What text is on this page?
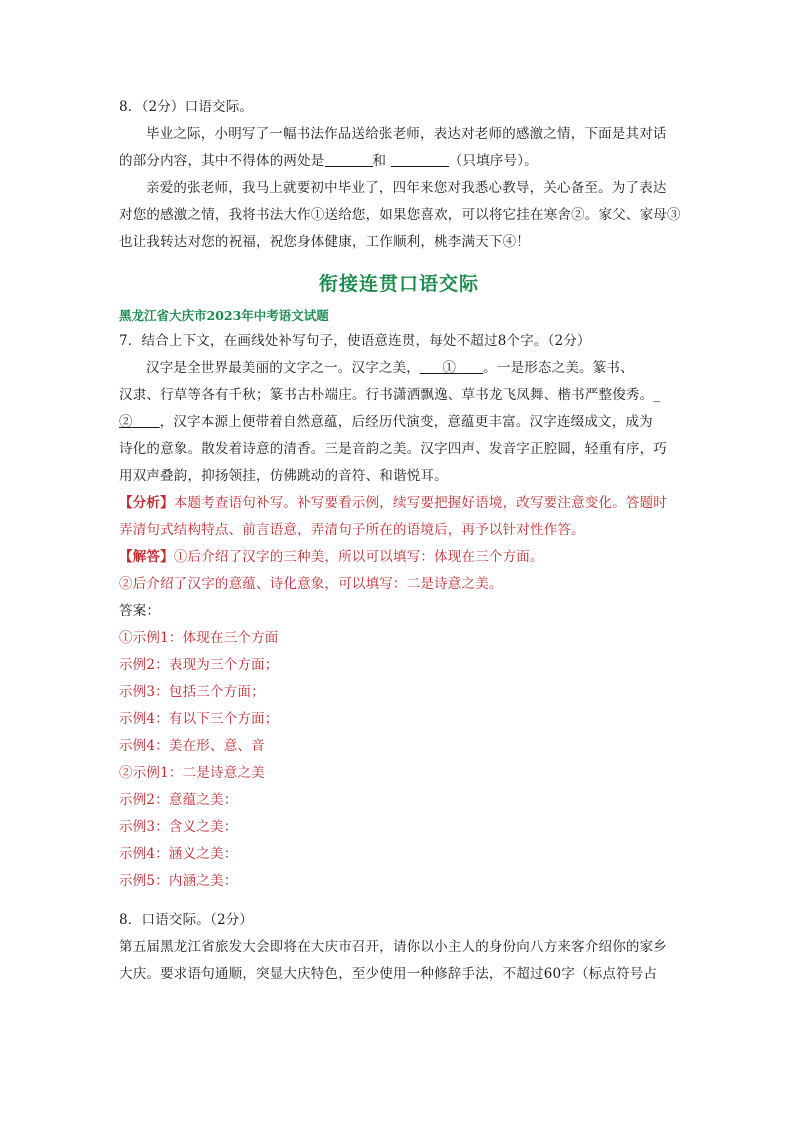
8．（2分）口语交际。
毕业之际，小明写了一幅书法作品送给张老师，表达对老师的感激之情，下面是其对话
的部分内容，其中不得体的两处是	和	（只填序号）。
亲爱的张老师，我马上就要初中毕业了，四年来您对我悉心教导，关心备至。为了表达
对您的感激之情，我将书法大作①送给您，如果您喜欢，可以将它挂在寒舍②。家父、家母③
也让我转达对您的祝福，祝您身体健康，工作顺利，桃李满天下④！
衔接连贯口语交际
黑龙江省大庆市2023年中考语文试题
7．结合上下文，在画线处补写句子，使语意连贯，每处不超过8个字。（2分）
汉字是全世界最美丽的文字之一。汉字之美， ① 。一是形态之美。篆书、
汉隶、行草等各有千秋；篆书古朴端庄。行书潇洒飘逸、草书龙飞凤舞、楷书严整俊秀。_
② ，汉字本源上便带着自然意蕴，后经历代演变，意蕴更丰富。汉字连缀成文，成为
诗化的意象。散发着诗意的清香。三是音韵之美。汉字四声、发音字正腔圆，轻重有序，巧
用双声叠韵，抑扬领挂，仿佛跳动的音符、和谐悦耳。
【分析】本题考查语句补写。补写要看示例，续写要把握好语境，改写要注意变化。答题时
弄清句式结构特点、前言语意，弄清句子所在的语境后，再予以针对性作答。
【解答】①后介绍了汉字的三种美，所以可以填写：体现在三个方面。
②后介绍了汉字的意蕴、诗化意象，可以填写：二是诗意之美。
答案：
①示例1：体现在三个方面
示例2：表现为三个方面；
示例3：包括三个方面；
示例4：有以下三个方面；
示例4：美在形、意、音
②示例1：二是诗意之美
示例2：意蕴之美：
示例3：含义之美：
示例4：涵义之美：
示例5：内涵之美：
8．口语交际。（2分）
第五届黑龙江省旅发大会即将在大庆市召开，请你以小主人的身份向八方来客介绍你的家乡
大庆。要求语句通顺，突显大庆特色，至少使用一种修辞手法，不超过60字（标点符号占
